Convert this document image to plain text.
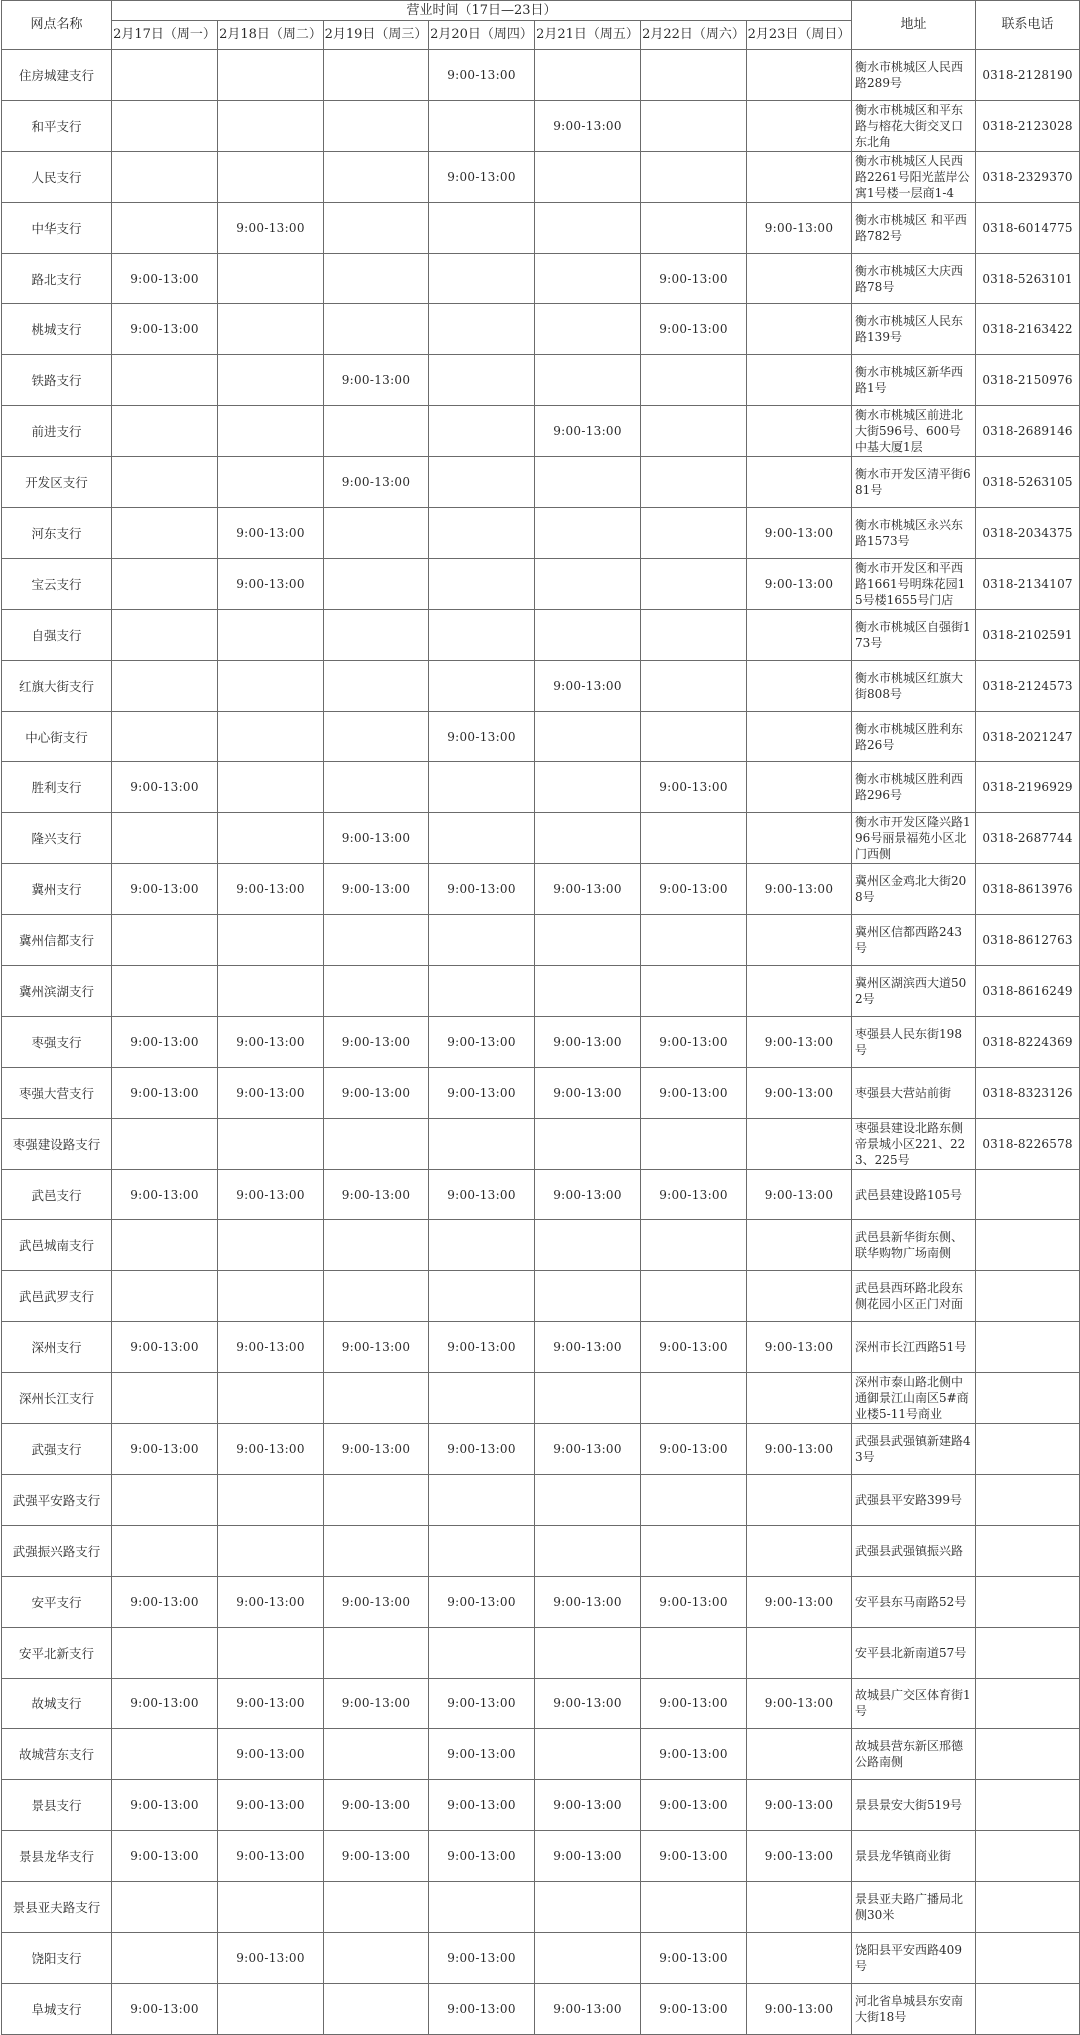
网点名称	营业时间（17日—23日）							地址	联系电话
	2月17日（周一）	2月18日（周二）	2月19日（周三）	2月20日（周四）	2月21日（周五）	2月22日（周六）	2月23日（周日）		
住房城建支行				9:00-13:00				衡水市桃城区人民西路289号	0318-2128190
和平支行					9:00-13:00			衡水市桃城区和平东路与榕花大街交叉口东北角	0318-2123028
人民支行				9:00-13:00				衡水市桃城区人民西路2261号阳光蓝岸公寓1号楼一层商1-4	0318-2329370
中华支行		9:00-13:00					9:00-13:00	衡水市桃城区 和平西路782号	0318-6014775
路北支行	9:00-13:00					9:00-13:00		衡水市桃城区大庆西路78号	0318-5263101
桃城支行	9:00-13:00					9:00-13:00		衡水市桃城区人民东路139号	0318-2163422
铁路支行			9:00-13:00					衡水市桃城区新华西路1号	0318-2150976
前进支行					9:00-13:00			衡水市桃城区前进北大街596号、600号中基大厦1层	0318-2689146
开发区支行			9:00-13:00					衡水市开发区清平街681号	0318-5263105
河东支行		9:00-13:00					9:00-13:00	衡水市桃城区永兴东路1573号	0318-2034375
宝云支行		9:00-13:00					9:00-13:00	衡水市开发区和平西路1661号明珠花园15号楼1655号门店	0318-2134107
自强支行								衡水市桃城区自强街173号	0318-2102591
红旗大街支行					9:00-13:00			衡水市桃城区红旗大街808号	0318-2124573
中心街支行				9:00-13:00				衡水市桃城区胜利东路26号	0318-2021247
胜利支行	9:00-13:00					9:00-13:00		衡水市桃城区胜利西路296号	0318-2196929
隆兴支行			9:00-13:00					衡水市开发区隆兴路196号丽景福苑小区北门西侧	0318-2687744
冀州支行	9:00-13:00	9:00-13:00	9:00-13:00	9:00-13:00	9:00-13:00	9:00-13:00	9:00-13:00	冀州区金鸡北大街208号	0318-8613976
冀州信都支行								冀州区信都西路243号	0318-8612763
冀州滨湖支行								冀州区湖滨西大道502号	0318-8616249
枣强支行	9:00-13:00	9:00-13:00	9:00-13:00	9:00-13:00	9:00-13:00	9:00-13:00	9:00-13:00	枣强县人民东街198号	0318-8224369
枣强大营支行	9:00-13:00	9:00-13:00	9:00-13:00	9:00-13:00	9:00-13:00	9:00-13:00	9:00-13:00	枣强县大营站前街	0318-8323126
枣强建设路支行								枣强县建设北路东侧帝景城小区221、223、225号	0318-8226578
武邑支行	9:00-13:00	9:00-13:00	9:00-13:00	9:00-13:00	9:00-13:00	9:00-13:00	9:00-13:00	武邑县建设路105号	
武邑城南支行								武邑县新华街东侧、联华购物广场南侧	
武邑武罗支行								武邑县西环路北段东侧花园小区正门对面	
深州支行	9:00-13:00	9:00-13:00	9:00-13:00	9:00-13:00	9:00-13:00	9:00-13:00	9:00-13:00	深州市长江西路51号	
深州长江支行								深州市泰山路北侧中通御景江山南区5#商业楼5-11号商业	
武强支行	9:00-13:00	9:00-13:00	9:00-13:00	9:00-13:00	9:00-13:00	9:00-13:00	9:00-13:00	武强县武强镇新建路43号	
武强平安路支行								武强县平安路399号	
武强振兴路支行								武强县武强镇振兴路	
安平支行	9:00-13:00	9:00-13:00	9:00-13:00	9:00-13:00	9:00-13:00	9:00-13:00	9:00-13:00	安平县东马南路52号	
安平北新支行								安平县北新南道57号	
故城支行	9:00-13:00	9:00-13:00	9:00-13:00	9:00-13:00	9:00-13:00	9:00-13:00	9:00-13:00	故城县广交区体育街1号	
故城营东支行		9:00-13:00		9:00-13:00		9:00-13:00		故城县营东新区邢德公路南侧	
景县支行	9:00-13:00	9:00-13:00	9:00-13:00	9:00-13:00	9:00-13:00	9:00-13:00	9:00-13:00	景县景安大街519号	
景县龙华支行	9:00-13:00	9:00-13:00	9:00-13:00	9:00-13:00	9:00-13:00	9:00-13:00	9:00-13:00	景县龙华镇商业街	
景县亚夫路支行								景县亚夫路广播局北侧30米	
饶阳支行		9:00-13:00		9:00-13:00		9:00-13:00		饶阳县平安西路409号	
阜城支行	9:00-13:00			9:00-13:00	9:00-13:00	9:00-13:00	9:00-13:00	河北省阜城县东安南大街18号	
